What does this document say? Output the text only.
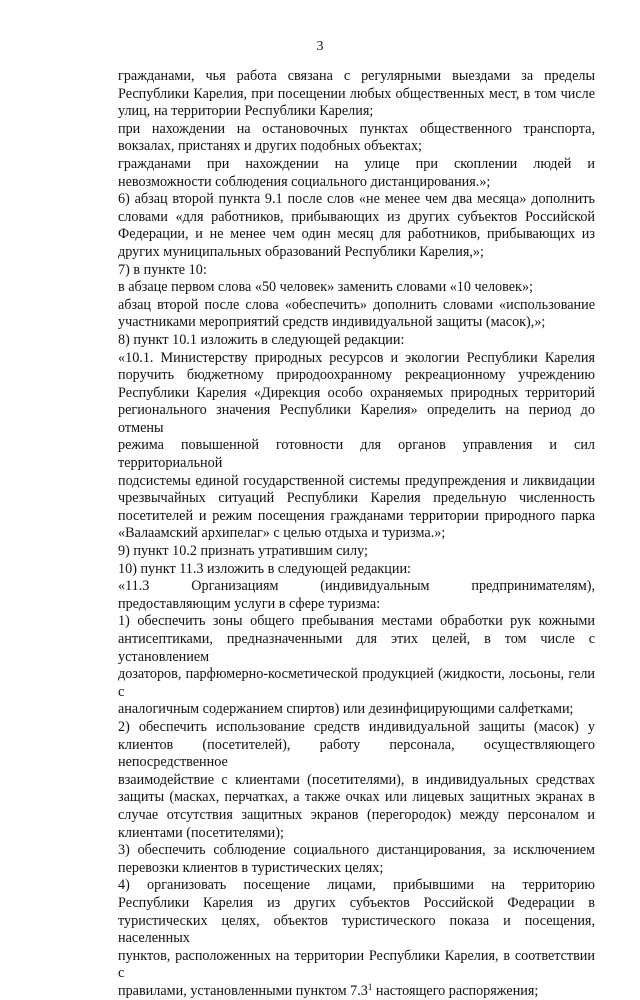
3
гражданами, чья работа связана с регулярными выездами за пределы
Республики Карелия, при посещении любых общественных мест, в том числе
улиц, на территории Республики Карелия;
при нахождении на остановочных пунктах общественного транспорта,
вокзалах, пристанях и других подобных объектах;
гражданами при нахождении на улице при скоплении людей и
невозможности соблюдения социального дистанцирования.»;
6) абзац второй пункта 9.1 после слов «не менее чем два месяца» дополнить
словами «для работников, прибывающих из других субъектов Российской
Федерации, и не менее чем один месяц для работников, прибывающих из
других муниципальных образований Республики Карелия,»;
7) в пункте 10:
в абзаце первом слова «50 человек» заменить словами «10 человек»;
абзац второй после слова «обеспечить» дополнить словами «использование
участниками мероприятий средств индивидуальной защиты (масок),»;
8) пункт 10.1 изложить в следующей редакции:
«10.1. Министерству природных ресурсов и экологии Республики Карелия
поручить бюджетному природоохранному рекреационному учреждению
Республики Карелия «Дирекция особо охраняемых природных территорий
регионального значения Республики Карелия» определить на период до отмены
режима повышенной готовности для органов управления и сил территориальной
подсистемы единой государственной системы предупреждения и ликвидации
чрезвычайных ситуаций Республики Карелия предельную численность
посетителей и режим посещения гражданами территории природного парка
«Валаамский архипелаг» с целью отдыха и туризма.»;
9) пункт 10.2 признать утратившим силу;
10) пункт 11.3 изложить в следующей редакции:
«11.3 Организациям (индивидуальным предпринимателям),
предоставляющим услуги в сфере туризма:
1) обеспечить зоны общего пребывания местами обработки рук кожными
антисептиками, предназначенными для этих целей, в том числе с установлением
дозаторов, парфюмерно-косметической продукцией (жидкости, лосьоны, гели с
аналогичным содержанием спиртов) или дезинфицирующими салфетками;
2) обеспечить использование средств индивидуальной защиты (масок) у
клиентов (посетителей), работу персонала, осуществляющего непосредственное
взаимодействие с клиентами (посетителями), в индивидуальных средствах
защиты (масках, перчатках, а также очках или лицевых защитных экранах в
случае отсутствия защитных экранов (перегородок) между персоналом и
клиентами (посетителями);
3) обеспечить соблюдение социального дистанцирования, за исключением
перевозки клиентов в туристических целях;
4) организовать посещение лицами, прибывшими на территорию
Республики Карелия из других субъектов Российской Федерации в
туристических целях, объектов туристического показа и посещения, населенных
пунктов, расположенных на территории Республики Карелия, в соответствии с
правилами, установленными пунктом $7.3^1$ настоящего распоряжения;
